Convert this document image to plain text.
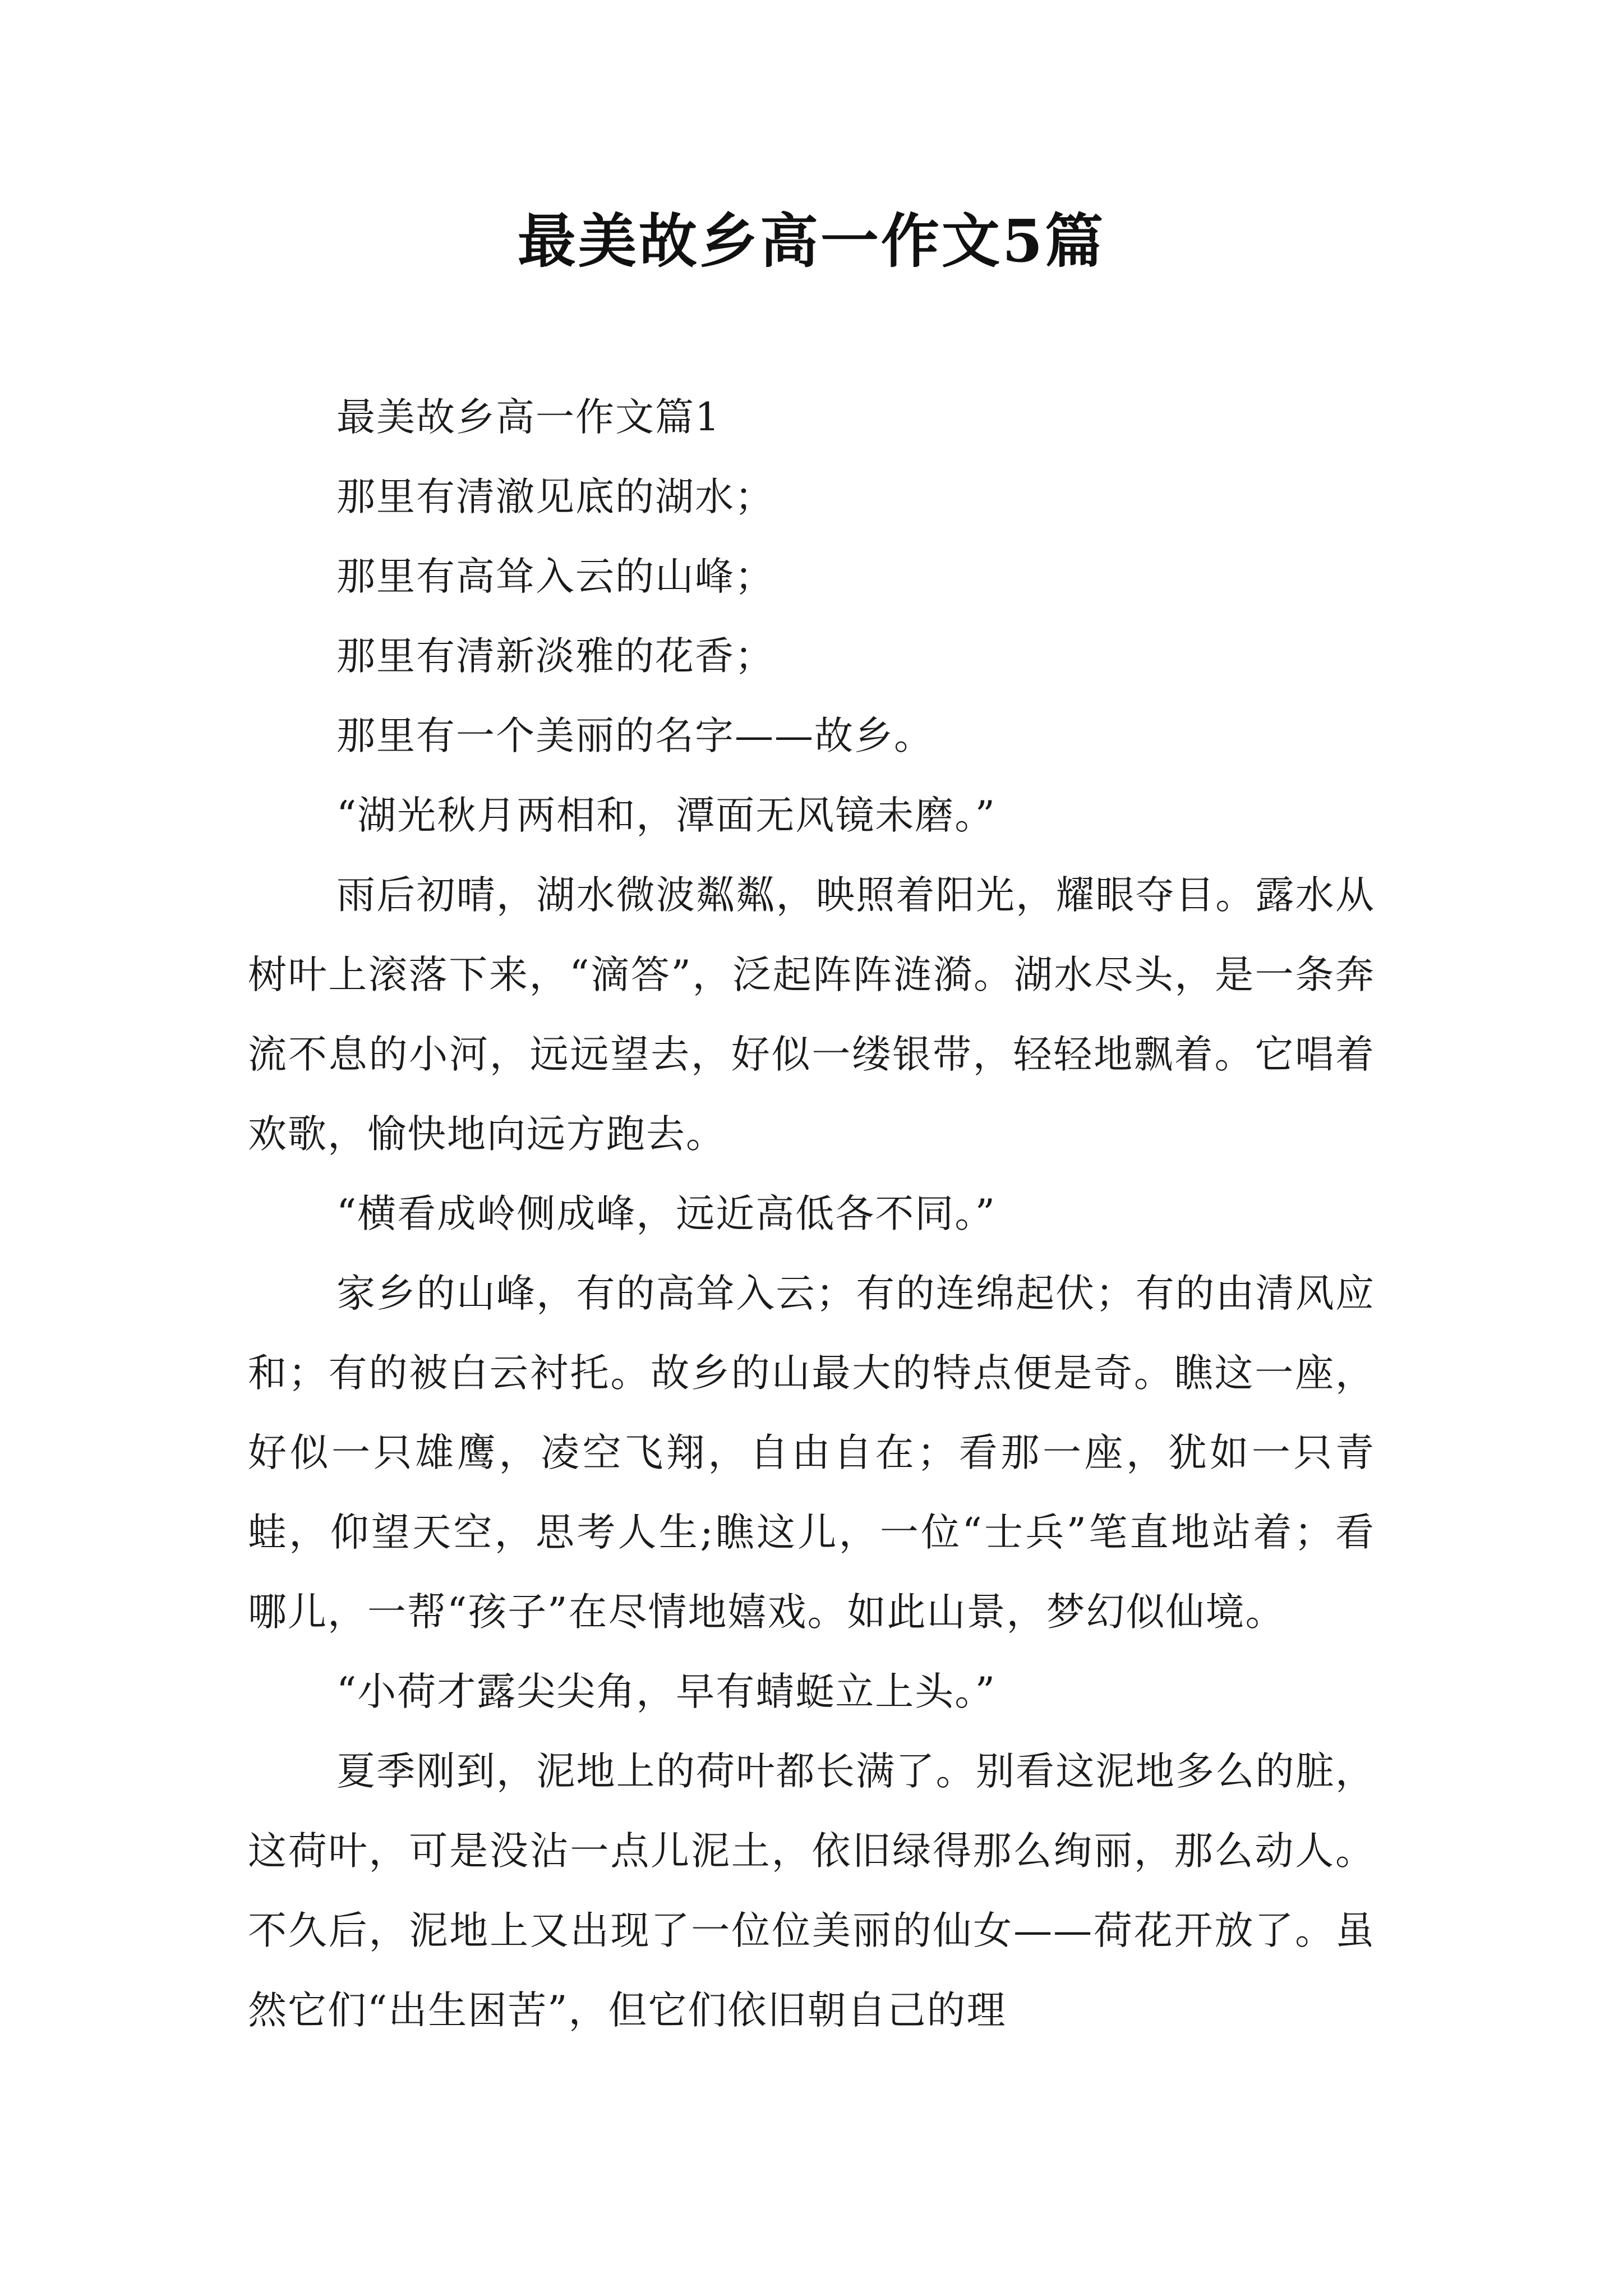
最美故乡高一作文5篇

最美故乡高一作文篇1

那里有清澈见底的湖水；

那里有高耸入云的山峰；

那里有清新淡雅的花香；

那里有一个美丽的名字——故乡。

“湖光秋月两相和，潭面无风镜未磨。”

雨后初晴，湖水微波粼粼，映照着阳光，耀眼夺目。露水从树叶上滚落下来，“滴答”，泛起阵阵涟漪。湖水尽头，是一条奔流不息的小河，远远望去，好似一缕银带，轻轻地飘着。它唱着欢歌，愉快地向远方跑去。

“横看成岭侧成峰，远近高低各不同。”

家乡的山峰，有的高耸入云；有的连绵起伏；有的由清风应和；有的被白云衬托。故乡的山最大的特点便是奇。瞧这一座，好似一只雄鹰，凌空飞翔，自由自在；看那一座，犹如一只青蛙，仰望天空，思考人生;瞧这儿，一位“士兵”笔直地站着；看哪儿，一帮“孩子”在尽情地嬉戏。如此山景，梦幻似仙境。

“小荷才露尖尖角，早有蜻蜓立上头。”

夏季刚到，泥地上的荷叶都长满了。别看这泥地多么的脏，这荷叶，可是没沾一点儿泥土，依旧绿得那么绚丽，那么动人。不久后，泥地上又出现了一位位美丽的仙女——荷花开放了。虽然它们“出生困苦”，但它们依旧朝自己的理
